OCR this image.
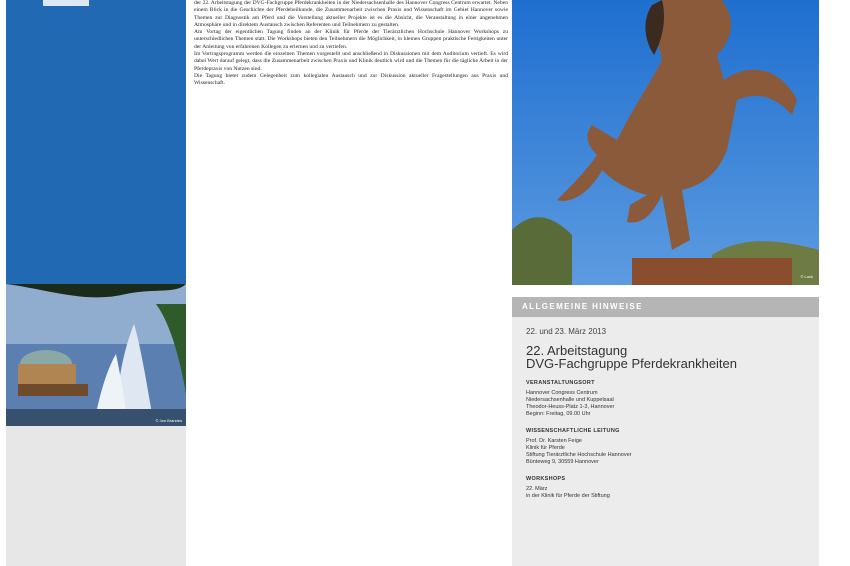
© Jan Brandes

der 22. Arbeitstagung der DVG-Fachgruppe Pferdekrankheiten in der Niedersachsenhalle des Hannover Congress Centrum erwartet. Neben einem Blick in die Geschichte der Pferdeheilkunde, die Zusammenarbeit zwischen Praxis und Wissenschaft im Gebiet Hannover sowie Themen zur Diagnostik am Pferd und die Vorstellung aktueller Projekte ist es die Absicht, die Veranstaltung in einer angenehmen Atmosphäre und in direktem Austausch zwischen Referenten und Teilnehmern zu gestalten.

Am Vortag der eigentlichen Tagung finden an der Klinik für Pferde der Tierärztlichen Hochschule Hannover Workshops zu unterschiedlichen Themen statt. Die Workshops bieten den Teilnehmern die Möglichkeit, in kleinen Gruppen praktische Fertigkeiten unter der Anleitung von erfahrenen Kollegen zu erlernen und zu vertiefen.

Im Vortragsprogramm werden die einzelnen Themen vorgestellt und anschließend in Diskussionen mit dem Auditorium vertieft. Es wird dabei Wert darauf gelegt, dass die Zusammenarbeit zwischen Praxis und Klinik deutlich wird und die Themen für die tägliche Arbeit in der Pferdepraxis von Nutzen sind.

Die Tagung bietet zudem Gelegenheit zum kollegialen Austausch und zur Diskussion aktueller Fragestellungen aus Praxis und Wissenschaft.

© Luck
ALLGEMEINE HINWEISE
22. und 23. März 2013
22. Arbeitstagung
DVG-Fachgruppe Pferdekrankheiten
VERANSTALTUNGSORT
Hannover Congress Centrum
Niedersachsenhalle und Kuppelsaal
Theodor-Heuss-Platz 1-3, Hannover
Beginn: Freitag, 09.00 Uhr
WISSENSCHAFTLICHE LEITUNG
Prof. Dr. Karsten Feige
Klinik für Pferde
Stiftung Tierärztliche Hochschule Hannover
Bünteweg 9, 30559 Hannover
WORKSHOPS
22. März
in der Klinik für Pferde der Stiftung
